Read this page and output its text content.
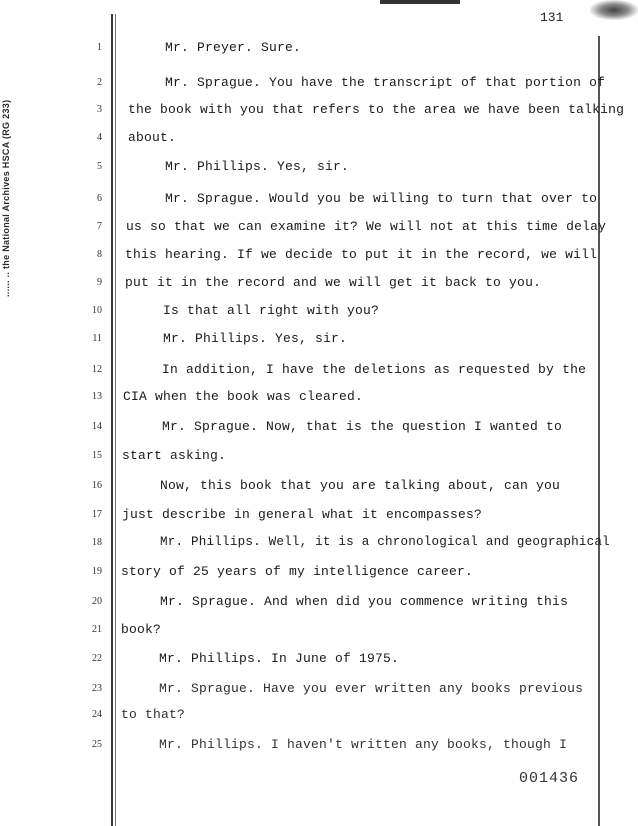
...... .. the National Archives HSCA (RG 233)
131
1	Mr. Preyer. Sure.
2	Mr. Sprague. You have the transcript of that portion of
3 the book with you that refers to the area we have been talking
4 about.
5	Mr. Phillips. Yes, sir.
6	Mr. Sprague. Would you be willing to turn that over to
7 us so that we can examine it? We will not at this time delay
8 this hearing. If we decide to put it in the record, we will
9 put it in the record and we will get it back to you.
10	Is that all right with you?
11	Mr. Phillips. Yes, sir.
12	In addition, I have the deletions as requested by the
13 CIA when the book was cleared.
14	Mr. Sprague. Now, that is the question I wanted to
15 start asking.
16	Now, this book that you are talking about, can you
17 just describe in general what it encompasses?
18	Mr. Phillips. Well, it is a chronological and geographical
19 story of 25 years of my intelligence career.
20	Mr. Sprague. And when did you commence writing this
21 book?
22	Mr. Phillips. In June of 1975.
23	Mr. Sprague. Have you ever written any books previous
24 to that?
25	Mr. Phillips. I haven't written any books, though I
001436
